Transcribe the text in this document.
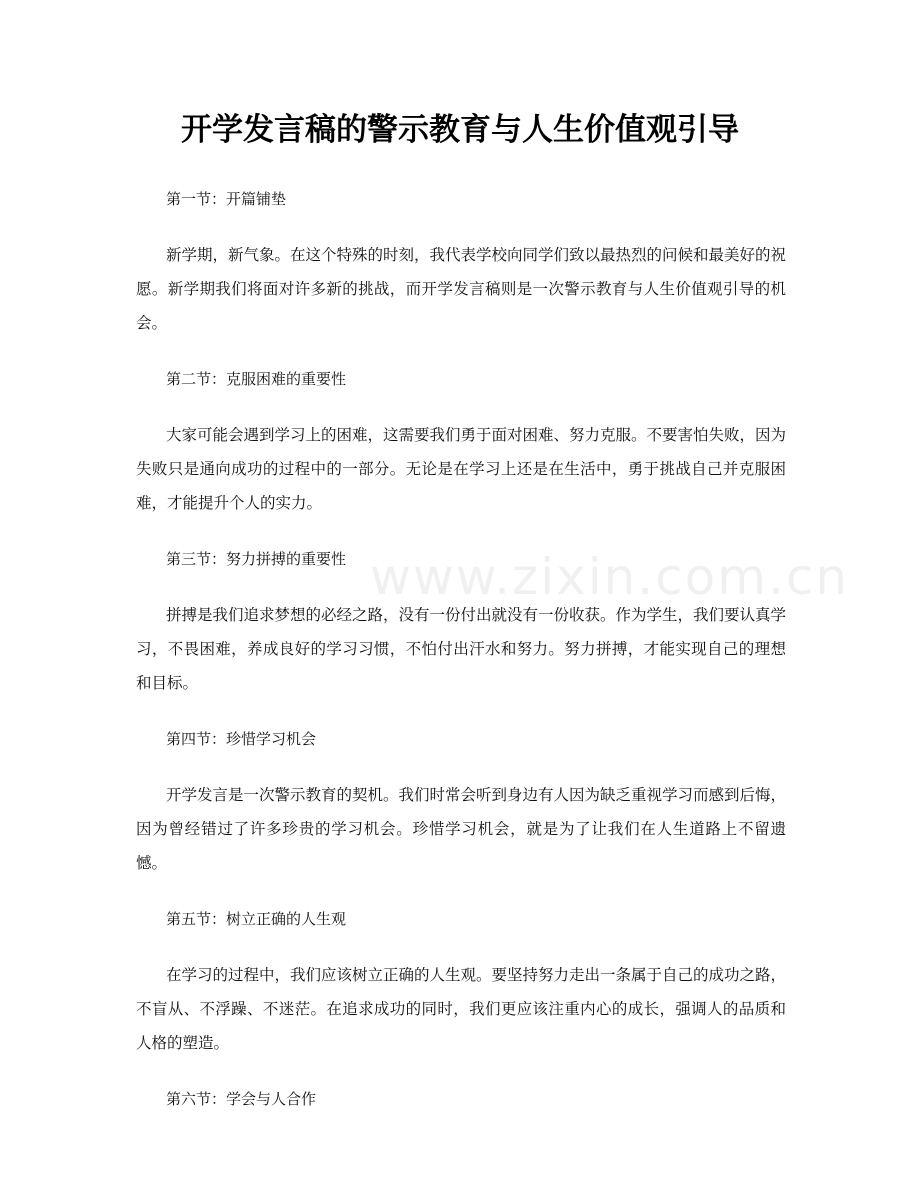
开学发言稿的警示教育与人生价值观引导
www.zixin.com.cn

第一节：开篇铺垫

新学期，新气象。在这个特殊的时刻，我代表学校向同学们致以最热烈的问候和最美好的祝愿。新学期我们将面对许多新的挑战，而开学发言稿则是一次警示教育与人生价值观引导的机会。

第二节：克服困难的重要性

大家可能会遇到学习上的困难，这需要我们勇于面对困难、努力克服。不要害怕失败，因为失败只是通向成功的过程中的一部分。无论是在学习上还是在生活中，勇于挑战自己并克服困难，才能提升个人的实力。

第三节：努力拼搏的重要性

拼搏是我们追求梦想的必经之路，没有一份付出就没有一份收获。作为学生，我们要认真学习，不畏困难，养成良好的学习习惯，不怕付出汗水和努力。努力拼搏，才能实现自己的理想和目标。

第四节：珍惜学习机会

开学发言是一次警示教育的契机。我们时常会听到身边有人因为缺乏重视学习而感到后悔，因为曾经错过了许多珍贵的学习机会。珍惜学习机会，就是为了让我们在人生道路上不留遗憾。

第五节：树立正确的人生观

在学习的过程中，我们应该树立正确的人生观。要坚持努力走出一条属于自己的成功之路，不盲从、不浮躁、不迷茫。在追求成功的同时，我们更应该注重内心的成长，强调人的品质和人格的塑造。

第六节：学会与人合作
